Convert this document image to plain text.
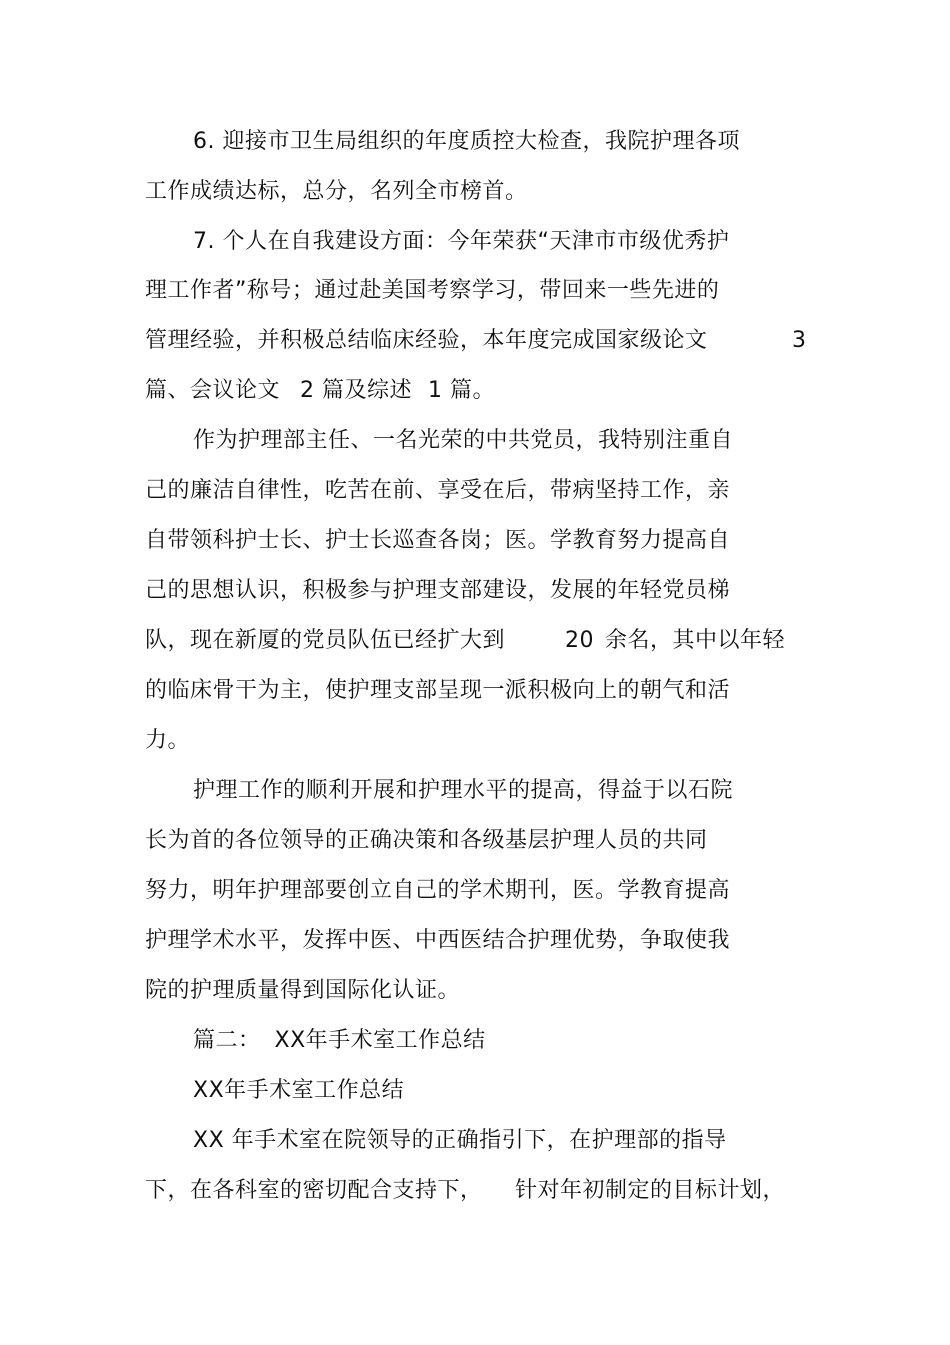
6. 迎接市卫生局组织的年度质控大检查，我院护理各项
工作成绩达标，总分，名列全市榜首。
7. 个人在自我建设方面：今年荣获“天津市市级优秀护
理工作者”称号；通过赴美国考察学习，带回来一些先进的
管理经验，并积极总结临床经验，本年度完成国家级论文	3
篇、会议论文 2 篇及综述 1 篇。
作为护理部主任、一名光荣的中共党员，我特别注重自
己的廉洁自律性，吃苦在前、享受在后，带病坚持工作，亲
自带领科护士长、护士长巡查各岗；医。学教育努力提高自
己的思想认识，积极参与护理支部建设，发展的年轻党员梯
队，现在新厦的党员队伍已经扩大到	20 余名，其中以年轻
的临床骨干为主，使护理支部呈现一派积极向上的朝气和活
力。
护理工作的顺利开展和护理水平的提高，得益于以石院
长为首的各位领导的正确决策和各级基层护理人员的共同
努力，明年护理部要创立自己的学术期刊，医。学教育提高
护理学术水平，发挥中医、中西医结合护理优势，争取使我
院的护理质量得到国际化认证。
篇二： XX年手术室工作总结
XX年手术室工作总结
XX 年手术室在院领导的正确指引下，在护理部的指导
下，在各科室的密切配合支持下， 针对年初制定的目标计划，
